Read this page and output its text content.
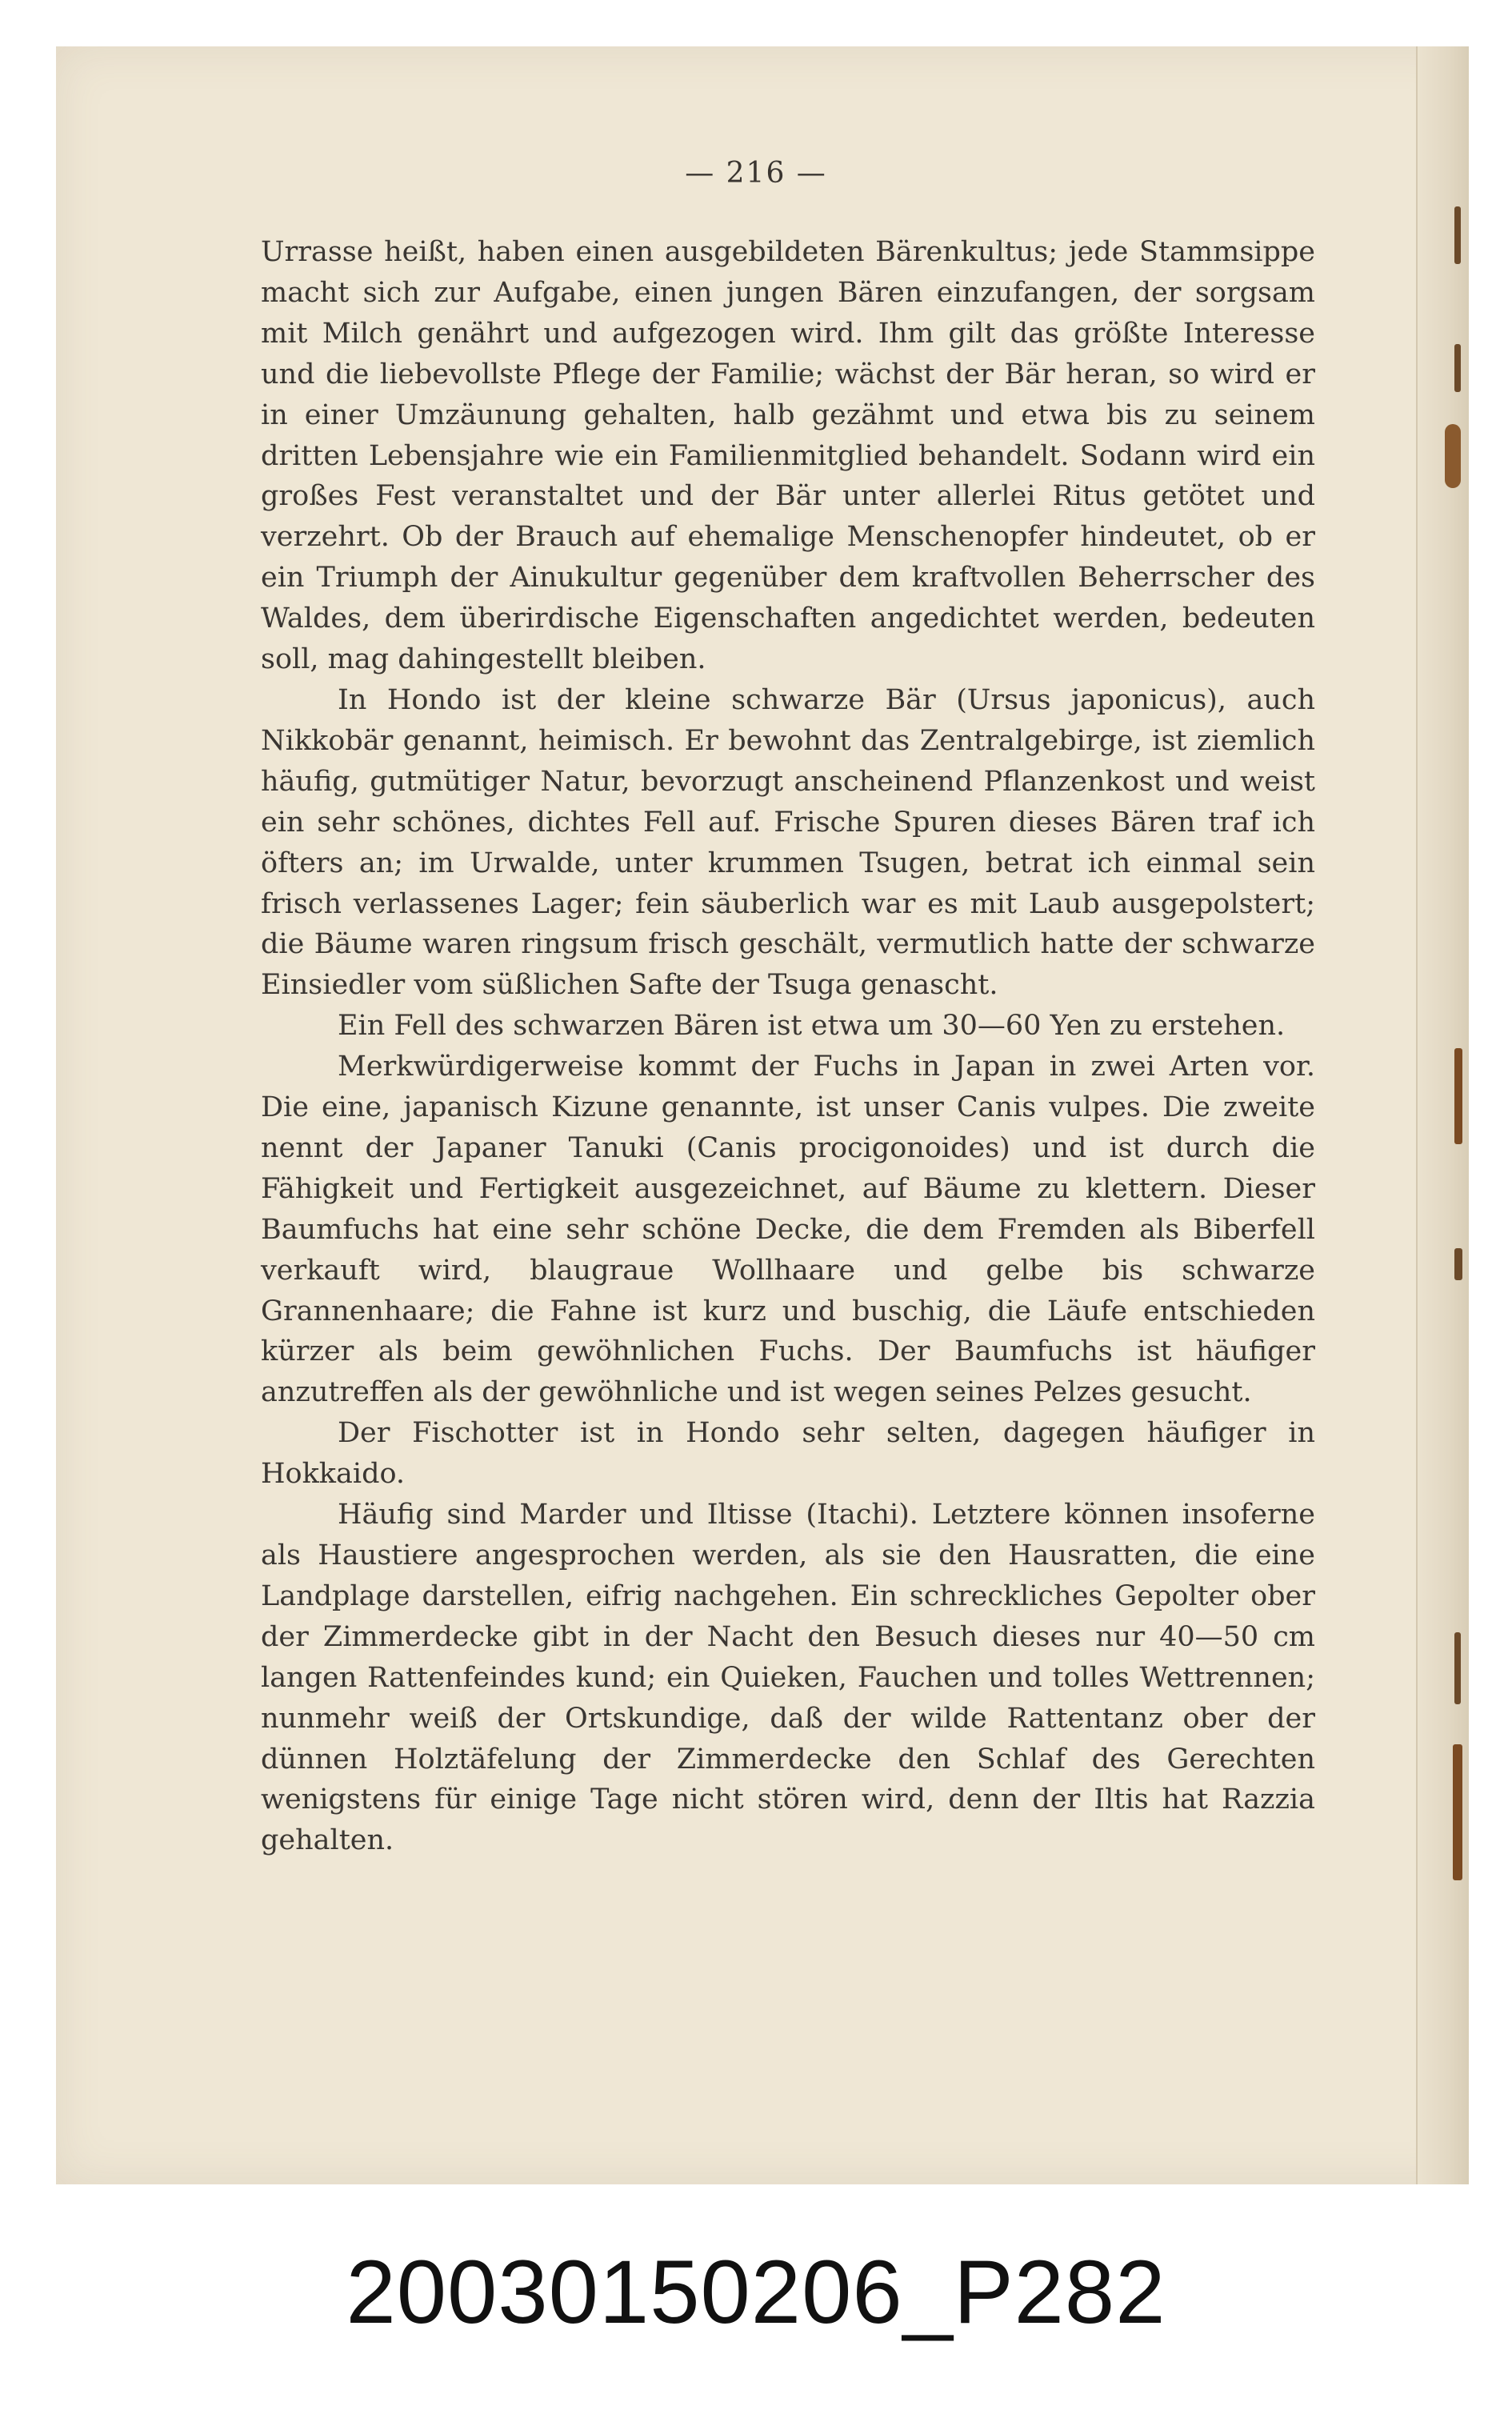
— 216 —

Urrasse heißt, haben einen ausgebildeten Bärenkultus; jede Stammsippe macht sich zur Aufgabe, einen jungen Bären einzufangen, der sorgsam mit Milch genährt und aufgezogen wird. Ihm gilt das größte Interesse und die liebevollste Pflege der Familie; wächst der Bär heran, so wird er in einer Umzäunung gehalten, halb gezähmt und etwa bis zu seinem dritten Lebensjahre wie ein Familienmitglied behandelt. Sodann wird ein großes Fest veranstaltet und der Bär unter allerlei Ritus getötet und verzehrt. Ob der Brauch auf ehemalige Menschenopfer hindeutet, ob er ein Triumph der Ainukultur gegenüber dem kraftvollen Beherrscher des Waldes, dem überirdische Eigenschaften angedichtet werden, bedeuten soll, mag dahingestellt bleiben.

In Hondo ist der kleine schwarze Bär (Ursus japonicus), auch Nikkobär genannt, heimisch. Er bewohnt das Zentralgebirge, ist ziemlich häufig, gutmütiger Natur, bevorzugt anscheinend Pflanzenkost und weist ein sehr schönes, dichtes Fell auf. Frische Spuren dieses Bären traf ich öfters an; im Urwalde, unter krummen Tsugen, betrat ich einmal sein frisch verlassenes Lager; fein säuberlich war es mit Laub ausgepolstert; die Bäume waren ringsum frisch geschält, vermutlich hatte der schwarze Einsiedler vom süßlichen Safte der Tsuga genascht.

Ein Fell des schwarzen Bären ist etwa um 30—60 Yen zu erstehen.

Merkwürdigerweise kommt der Fuchs in Japan in zwei Arten vor. Die eine, japanisch Kizune genannte, ist unser Canis vulpes. Die zweite nennt der Japaner Tanuki (Canis procigonoides) und ist durch die Fähigkeit und Fertigkeit ausgezeichnet, auf Bäume zu klettern. Dieser Baumfuchs hat eine sehr schöne Decke, die dem Fremden als Biberfell verkauft wird, blaugraue Wollhaare und gelbe bis schwarze Grannenhaare; die Fahne ist kurz und buschig, die Läufe entschieden kürzer als beim gewöhnlichen Fuchs. Der Baumfuchs ist häufiger anzutreffen als der gewöhnliche und ist wegen seines Pelzes gesucht.

Der Fischotter ist in Hondo sehr selten, dagegen häufiger in Hokkaido.

Häufig sind Marder und Iltisse (Itachi). Letztere können insoferne als Haustiere angesprochen werden, als sie den Hausratten, die eine Landplage darstellen, eifrig nachgehen. Ein schreckliches Gepolter ober der Zimmerdecke gibt in der Nacht den Besuch dieses nur 40—50 cm langen Rattenfeindes kund; ein Quieken, Fauchen und tolles Wettrennen; nunmehr weiß der Ortskundige, daß der wilde Rattentanz ober der dünnen Holztäfelung der Zimmerdecke den Schlaf des Gerechten wenigstens für einige Tage nicht stören wird, denn der Iltis hat Razzia gehalten.

20030150206_P282
